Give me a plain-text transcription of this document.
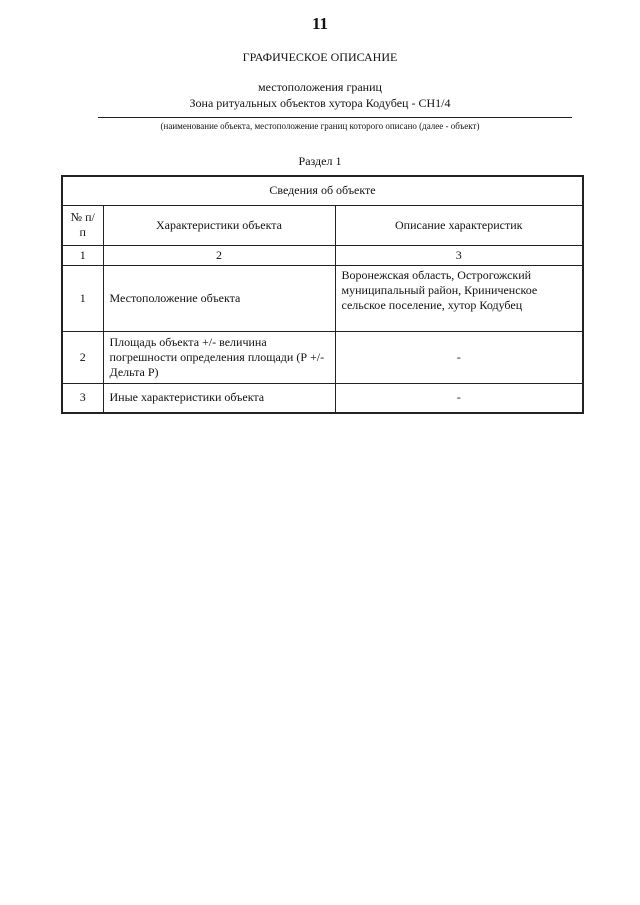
11
ГРАФИЧЕСКОЕ ОПИСАНИЕ
местоположения границ
Зона ритуальных объектов хутора Кодубец - СН1/4
(наименование объекта, местоположение границ которого описано (далее - объект)
Раздел 1
Сведения об объекте		
№ п/п	Характеристики объекта	Описание характеристик
1	2	3
1	Местоположение объекта	Воронежская область, Острогожский муниципальный район, Криниченское сельское поселение, хутор Кодубец
2	Площадь объекта +/- величина погрешности определения площади (Р +/- Дельта Р)	-
3	Иные характеристики объекта	-
